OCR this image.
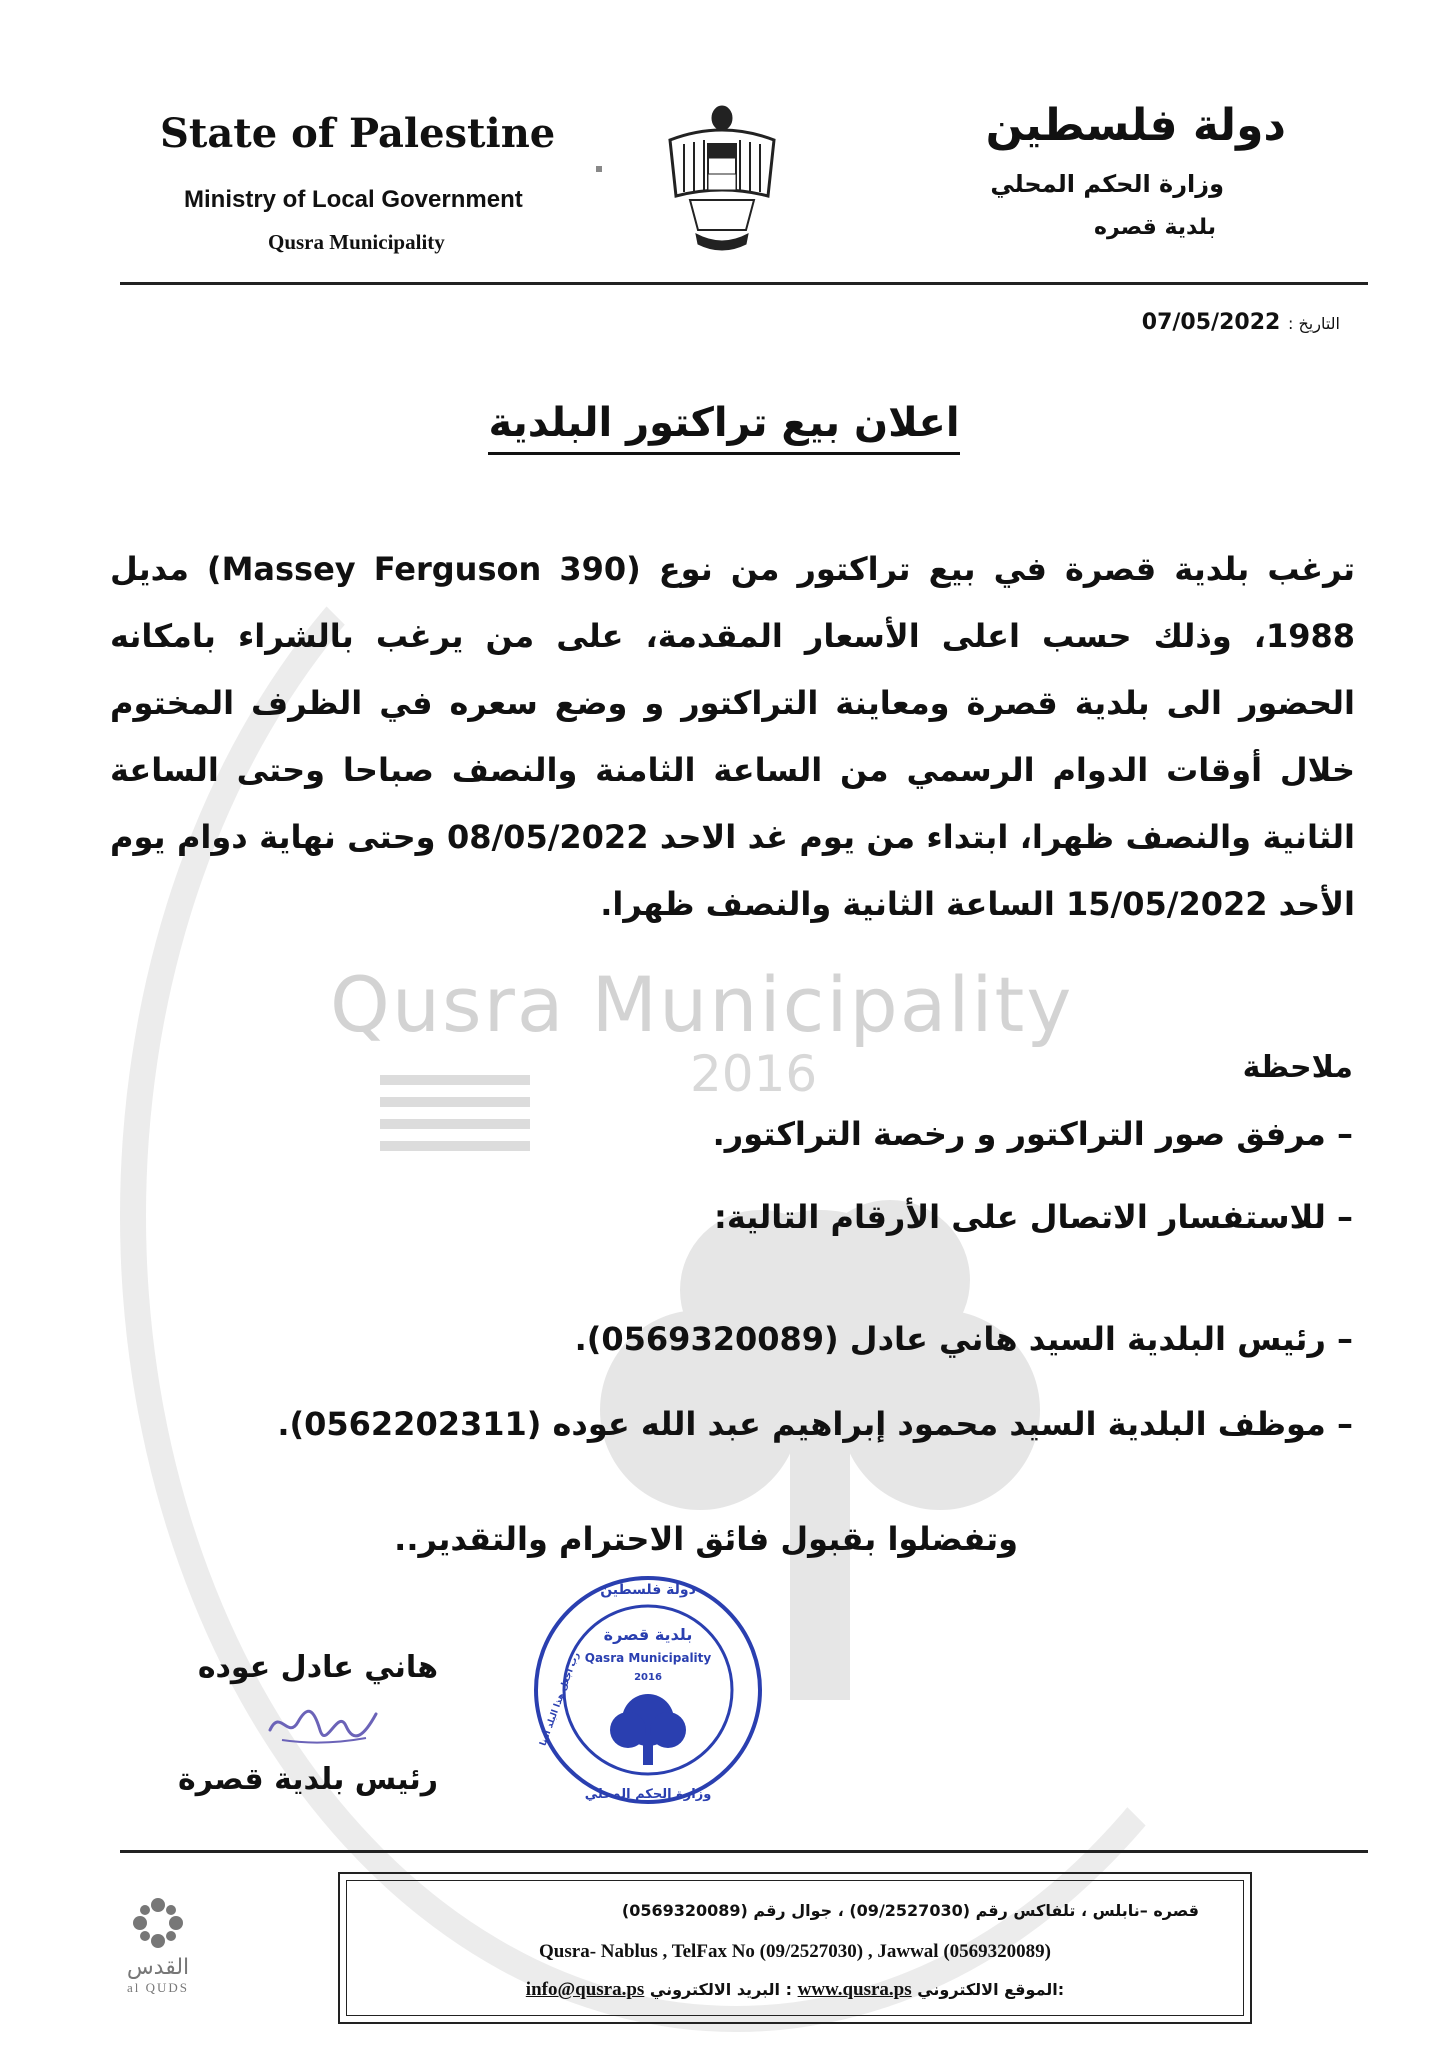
Qusra Municipality
2016
State of Palestine
Ministry of Local Government
Qusra Municipality
دولة فلسطين
وزارة الحكم المحلي
بلدية قصره
التاريخ : 07/05/2022
اعلان بيع تراكتور البلدية
ترغب بلدية قصرة في بيع تراكتور من نوع (Massey Ferguson 390) مديل 1988، وذلك حسب اعلى الأسعار المقدمة، على من يرغب بالشراء بامكانه الحضور الى بلدية قصرة ومعاينة التراكتور و وضع سعره في الظرف المختوم خلال أوقات الدوام الرسمي من الساعة الثامنة والنصف صباحا وحتى الساعة الثانية والنصف ظهرا، ابتداء من يوم غد الاحد 08/05/2022 وحتى نهاية دوام يوم الأحد 15/05/2022 الساعة الثانية والنصف ظهرا.
ملاحظة
– مرفق صور التراكتور و رخصة التراكتور.
– للاستفسار الاتصال على الأرقام التالية:
– رئيس البلدية السيد هاني عادل (0569320089).
– موظف البلدية السيد محمود إبراهيم عبد الله عوده (0562202311).
وتفضلوا بقبول فائق الاحترام والتقدير..
هاني عادل عوده
رئيس بلدية قصرة
دولة فلسطين
بلدية قصرة
Qasra Municipality
2016
وزارة الحكم المحلي
رب اجعل هذا البلد آمنا
القدس
al QUDS
قصره –نابلس ، تلفاكس رقم (09/2527030) ، جوال رقم (0569320089)
Qusra- Nablus , TelFax No (09/2527030) , Jawwal (0569320089)
info@qusra.ps البريد الالكتروني : www.qusra.ps الموقع الالكتروني:
